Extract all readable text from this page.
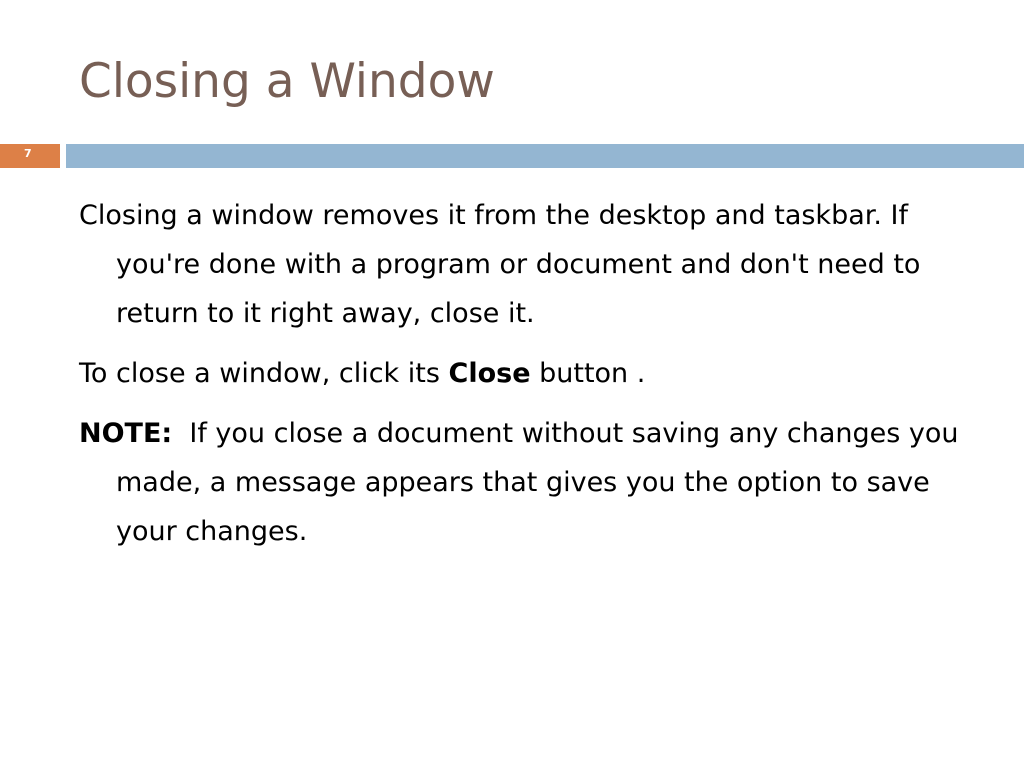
Closing a Window
7

Closing a window removes it from the desktop and taskbar. If you're done with a program or document and don't need to return to it right away, close it.

To close a window, click its Close button .

NOTE:  If you close a document without saving any changes you made, a message appears that gives you the option to save your changes.
